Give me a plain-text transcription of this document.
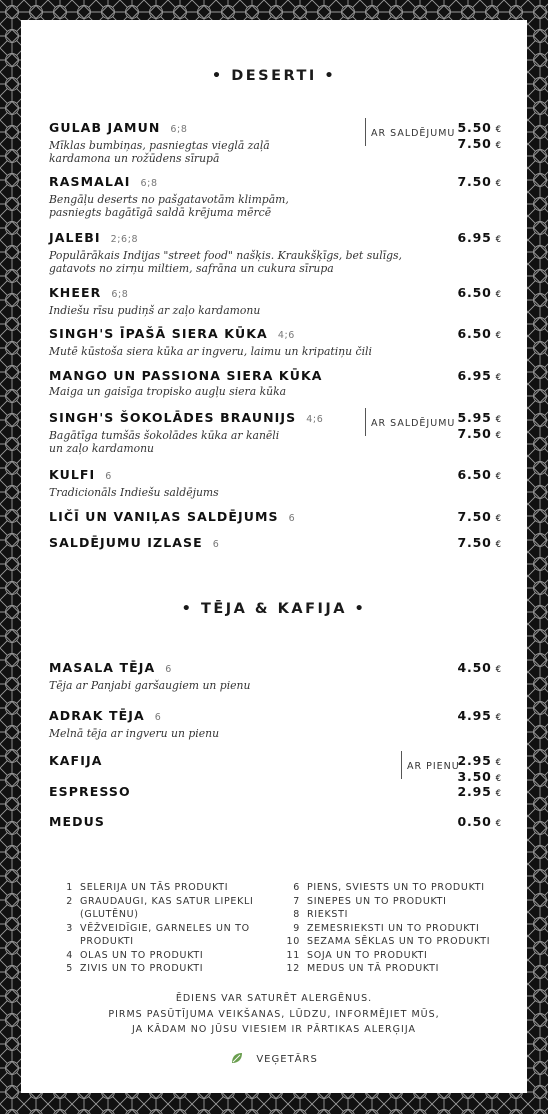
• DESERTI •
• TĒJA & KAFIJA •
GULAB JAMUN 6;8
Mīklas bumbiņas, pasniegtas vieglā zaļā
kardamona un rožūdens sīrupā
5.50 €
7.50 €
AR SALDĒJUMU
RASMALAI 6;8
Bengāļu deserts no pašgatavotām klimpām,
pasniegts bagātīgā saldā krējuma mērcē
7.50 €
JALEBI 2;6;8
Populārākais Indijas "street food" našķis. Kraukšķīgs, bet sulīgs,
gatavots no zirņu miltiem, safrāna un cukura sīrupa
6.95 €
KHEER 6;8
Indiešu rīsu pudiņš ar zaļo kardamonu
6.50 €
SINGH'S ĪPAŠĀ SIERA KŪKA 4;6
Mutē kūstoša siera kūka ar ingveru, laimu un kripatiņu čili
6.50 €
MANGO UN PASSIONA SIERA KŪKA
Maiga un gaisīga tropisko augļu siera kūka
6.95 €
SINGH'S ŠOKOLĀDES BRAUNIJS 4;6
Bagātīga tumšās šokolādes kūka ar kanēli
un zaļo kardamonu
5.95 €
7.50 €
AR SALDĒJUMU
KULFI 6
Tradicionāls Indiešu saldējums
6.50 €
LIČĪ UN VANIĻAS SALDĒJUMS 6	7.50 €
SALDĒJUMU IZLASE 6	7.50 €
MASALA TĒJA 6
Tēja ar Panjabi garšaugiem un pienu
4.50 €
ADRAK TĒJA 6
Melnā tēja ar ingveru un pienu
4.95 €
KAFIJA	2.95 €
3.50 €
AR PIENU
ESPRESSO	2.95 €
MEDUS	0.50 €
1 SELERIJA UN TĀS PRODUKTI
2 GRAUDAUGI, KAS SATUR LIPEKLI
(GLUTĒNU)
3 VĒŽVEIDĪGIE, GARNELES UN TO
PRODUKTI
4 OLAS UN TO PRODUKTI
5 ZIVIS UN TO PRODUKTI
6 PIENS, SVIESTS UN TO PRODUKTI
7 SINEPES UN TO PRODUKTI
8 RIEKSTI
9 ZEMESRIEKSTI UN TO PRODUKTI
10 SEZAMA SĒKLAS UN TO PRODUKTI
11 SOJA UN TO PRODUKTI
12 MEDUS UN TĀ PRODUKTI
ĒDIENS VAR SATURĒT ALERGĒNUS.
PIRMS PASŪTĪJUMA VEIKŠANAS, LŪDZU, INFORMĒJIET MŪS,
JA KĀDAM NO JŪSU VIESIEM IR PĀRTIKAS ALERĢIJA
VEĢETĀRS
